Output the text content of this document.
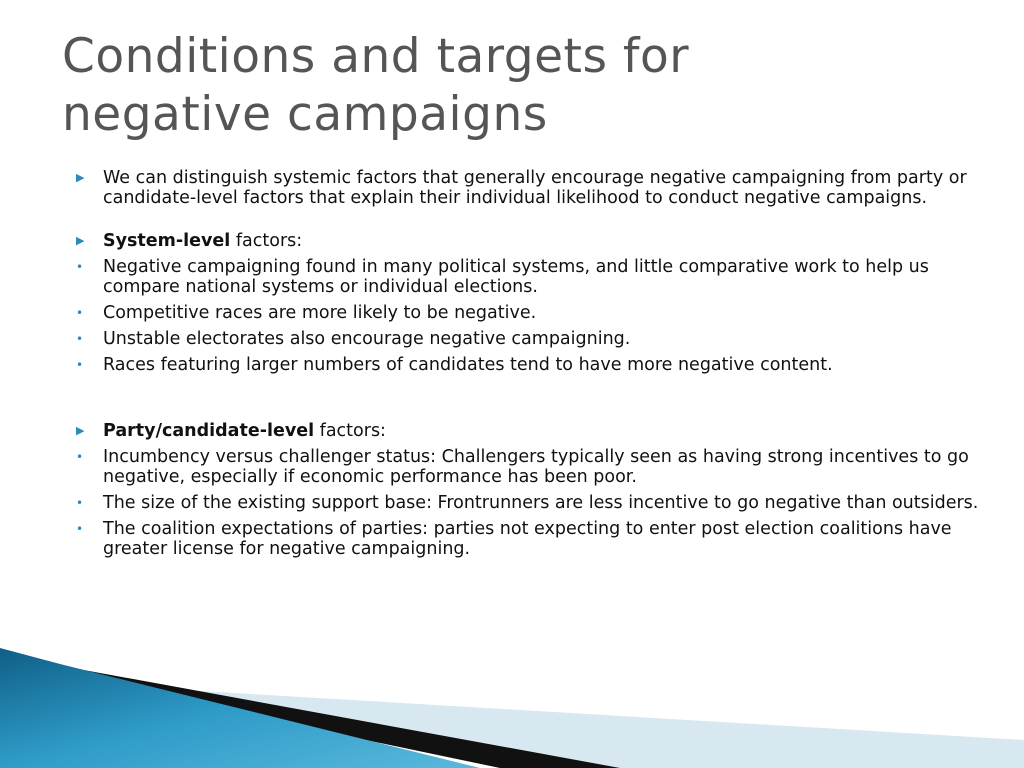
Conditions and targets for
negative campaigns
▶ We can distinguish systemic factors that generally encourage negative campaigning from party or candidate-level factors that explain their individual likelihood to conduct negative campaigns.
▶ System-level factors:
• Negative campaigning found in many political systems, and little comparative work to help us compare national systems or individual elections.
• Competitive races are more likely to be negative.
• Unstable electorates also encourage negative campaigning.
• Races featuring larger numbers of candidates tend to have more negative content.
▶ Party/candidate-level factors:
• Incumbency versus challenger status: Challengers typically seen as having strong incentives to go negative, especially if economic performance has been poor.
• The size of the existing support base: Frontrunners are less incentive to go negative than outsiders.
• The coalition expectations of parties: parties not expecting to enter post election coalitions have greater license for negative campaigning.
